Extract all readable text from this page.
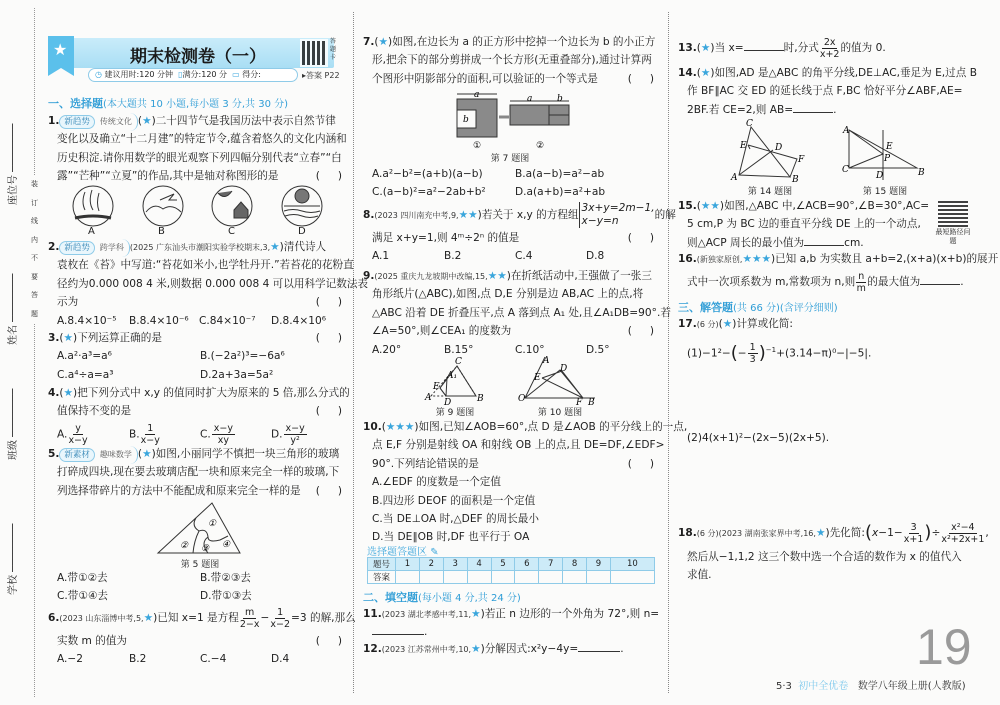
座位号 ────────
姓名 ────────
班级 ────────
学校 ────────
装
订
线
内
不
要
答
题
★	期末检测卷（一）
答题卡
◷ 建议用时:120 分钟 ▯满分:120 分 ▭ 得分:	▸答案 P22
一、选择题(本大题共 10 小题,每小题 3 分,共 30 分)
1. 新趋势 传统文化 (★)二十四节气是我国历法中表示自然节律
变化以及确立“十二月建”的特定节令,蕴含着悠久的文化内涵和
历史积淀.请你用数学的眼光观察下列四幅分别代表“立春”“白
露”“芒种”“立夏”的作品,其中是轴对称图形的是	()
A	B	C	D
2. 新趋势 跨学科 (2025 广东汕头市潮阳实验学校期末,3,★)清代诗人
袁枚在《苔》中写道:“苔花如米小,也学牡丹开.”若苔花的花粉直
径约为0.000 008 4 米,则数据 0.000 008 4 可以用科学记数法表
示为	()
A.8.4×10⁻⁵ B.8.4×10⁻⁶ C.84×10⁻⁷ D.8.4×10⁶
3.(★)下列运算正确的是	()
A.a²·a³=a⁶	B.(−2a²)³=−6a⁶
C.a⁴÷a=a³	D.2a+3a=5a²
4.(★)把下列分式中 x,y 的值同时扩大为原来的 5 倍,那么分式的
值保持不变的是	()
A. $\frac{y}{x-y}$	B. $\frac{1}{x-y}$	C. $\frac{x-y}{xy}$	D. $\frac{x-y}{\text{y²}}$
5. 新素材 趣味数学 (★)如图,小丽同学不慎把一块三角形的玻璃
打碎成四块,现在要去玻璃店配一块和原来完全一样的玻璃,下
列选择带碎片的方法中不能配成和原来完全一样的是 ()
①
② ③ ④
第 5 题图
A.带①②去	B.带②③去
C.带①④去	D.带①③去
6.(2023 山东淄博中考,5,★)已知 x=1 是方程 $\frac{m}{2-x} - \frac{1}{x-2} =3$ 的解,那么
实数 m 的值为	()
A.−2	B.2	C.−4	D.4
7.(★)如图,在边长为 a 的正方形中挖掉一个边长为 b 的小正方
形,把余下的部分剪拼成一个长方形(无重叠部分),通过计算两
个图形中阴影部分的面积,可以验证的一个等式是	()
a
b
a	b
①	②
第 7 题图
A.a²−b²=(a+b)(a−b)	B.a(a−b)=a²−ab
C.(a−b)²=a²−2ab+b²	D.a(a+b)=a²+ab
8.(2023 四川南充中考,9,★★)若关于 x,y 的方程组
3x+y=2m−1,
x−y=n	的解
满足 x+y=1,则 4ᵐ÷2ⁿ 的值是	()
A.1	B.2	C.4	D.8
9.(2025 重庆九龙坡期中改编,15,★★)在折纸活动中,王强做了一张三
角形纸片(△ABC),如图,点 D,E 分别是边 AB,AC 上的点,将
△ABC 沿着 DE 折叠压平,点 A 落到点 A₁ 处,且∠A₁DB=90°.若
∠A=50°,则∠CEA₁ 的度数为	()
A.20°	B.15°	C.10°	D.5°
C
E
A₁
A D	B
A
D
E
O	F B
第 9 题图	第 10 题图
10.(★★★)如图,已知∠AOB=60°,点 D 是∠AOB 的平分线上的一点,
点 E,F 分别是射线 OA 和射线 OB 上的点,且 DE=DF,∠EDF>
90°.下列结论错误的是	()
A.∠EDF 的度数是一个定值
B.四边形 DEOF 的面积是一个定值
C.当 DE⊥OA 时,△DEF 的周长最小
D.当 DE∥OB 时,DF 也平行于 OA
选择题答题区 ✎
题号	1	2	3	4	5	6	7	8	9	10
答案										
二、填空题(每小题 4 分,共 24 分)
11.(2023 湖北孝感中考,11,★)若正 n 边形的一个外角为 72°,则 n=
.
12.(2023 江苏常州中考,10,★)分解因式:x²y−4y=	.
13.(★)当 x=	时,分式 $\frac{2x}{x+2}$ 的值为 0.
14.(★)如图,AD 是△ABC 的角平分线,DE⊥AC,垂足为 E,过点 B
作 BF∥AC 交 ED 的延长线于点 F,BC 恰好平分∠ABF,AE=
2BF.若 CE=2,则 AB=	.
C
E	D
F
A	B
A
E
P
C
D	B
第 14 题图	第 15 题图
15.(★★)如图,△ABC 中,∠ACB=90°,∠B=30°,AC=
5 cm,P 为 BC 边的垂直平分线 DE 上的一个动点,
则△ACP 周长的最小值为	cm.
最短路径问题
16.(新独家原创,★★★)已知 a,b 为实数且 a+b=2,(x+a)(x+b)的展开
式中一次项系数为 m,常数项为 n,则 $\frac{n}{m}$ 的最大值为	.
三、解答题(共 66 分)(含评分细则)
17.(6 分)(★)计算或化简:
$(1)-1^2-(- \frac{1}{3} )^{-1}+(3.14-\pi)^0-|-5|$.
(2)4(x+1)²−(2x−5)(2x+5).
18.(6 分)(2023 湖南张家界中考,16,★)先化简:(x−1− $\frac{3}{x+1}$ )÷ $\frac{\text{x²−4}}{\text{x²+2x+1}}$ ,
然后从−1,1,2 这三个数中选一个合适的数作为 x 的值代入
求值.
19
5·3 初中全优卷 数学八年级上册(人教版)
